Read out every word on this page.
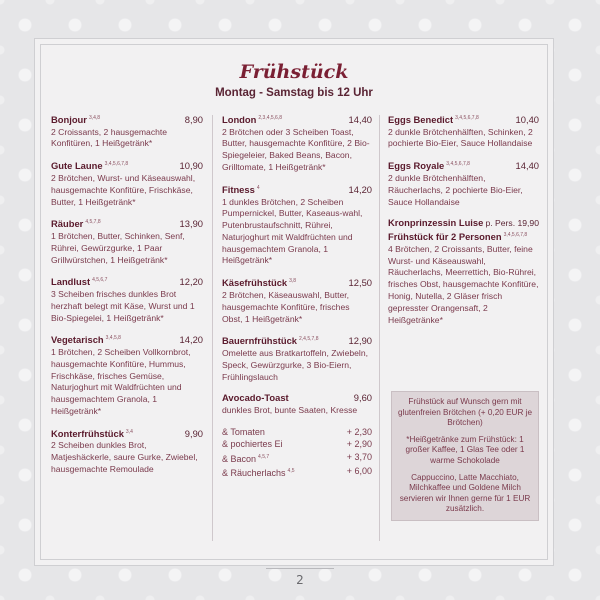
Frühstück
Montag - Samstag bis 12 Uhr
Bonjour $^{3,4,8}$	8,90
2 Croissants, 2 hausgemachte Konfitüren, 1 Heißgetränk*
Gute Laune $^{3,4,5,6,7,8}$	10,90
2 Brötchen, Wurst- und Käseauswahl, hausgemachte Konfitüre, Frischkäse, Butter, 1 Heißgetränk*
Räuber $^{4,5,7,8}$	13,90
1 Brötchen, Butter, Schinken, Senf, Rührei, Gewürzgurke, 1 Paar Grillwürstchen, 1 Heißgetränk*
Landlust $^{4,5,6,7}$	12,20
3 Scheiben frisches dunkles Brot herzhaft belegt mit Käse, Wurst und 1 Bio-Spiegelei, 1 Heißgetränk*
Vegetarisch $^{3,4,5,8}$	14,20
1 Brötchen, 2 Scheiben Vollkornbrot, hausgemachte Konfitüre, Hummus, Frischkäse, frisches Gemüse, Naturjoghurt mit Waldfrüchten und hausgemachtem Granola, 1 Heißgetränk*
Konterfrühstück $^{3,4}$	9,90
2 Scheiben dunkles Brot, Matjeshäckerle, saure Gurke, Zwiebel, hausgemachte Remoulade
London $^{2,3,4,5,6,8}$	14,40
2 Brötchen oder 3 Scheiben Toast, Butter, hausgemachte Konfitüre, 2 Bio-Spiegeleier, Baked Beans, Bacon, Grilltomate, 1 Heißgetränk*
Fitness $^4$	14,20
1 dunkles Brötchen, 2 Scheiben Pumpernickel, Butter, Kaseaus-wahl, Putenbrustaufschnitt, Rührei, Naturjoghurt mit Waldfrüchten und hausgemachtem Granola, 1 Heißgetränk*
Käsefrühstück $^{3,8}$	12,50
2 Brötchen, Käseauswahl, Butter, hausgemachte Konfitüre, frisches Obst, 1 Heißgetränk*
Bauernfrühstück $^{2,4,5,7,8}$	12,90
Omelette aus Bratkartoffeln, Zwiebeln, Speck, Gewürzgurke, 3 Bio-Eiern, Frühlingslauch
Avocado-Toast	9,60
dunkles Brot, bunte Saaten, Kresse
& Tomaten	+ 2,30
& pochiertes Ei	+ 2,90
& Bacon $^{4,5,7}$	+ 3,70
& Räucherlachs $^{4,5}$	+ 6,00
Eggs Benedict $^{3,4,5,6,7,8}$	10,40
2 dunkle Brötchenhälften, Schinken, 2 pochierte Bio-Eier, Sauce Hollandaise
Eggs Royale $^{3,4,5,6,7,8}$	14,40
2 dunkle Brötchenhälften, Räucherlachs, 2 pochierte Bio-Eier, Sauce Hollandaise
Kronprinzessin Luise p. Pers. 19,90
Frühstück für 2 Personen $^{3,4,5,6,7,8}$
4 Brötchen, 2 Croissants, Butter, feine Wurst- und Käseauswahl, Räucherlachs, Meerrettich, Bio-Rührei, frisches Obst, hausgemachte Konfitüre, Honig, Nutella, 2 Gläser frisch gepresster Orangensaft, 2 Heißgetränke*

Frühstück auf Wunsch gern mit glutenfreien Brötchen (+ 0,20 EUR je Brötchen)

*Heißgetränke zum Frühstück: 1 großer Kaffee, 1 Glas Tee oder 1 warme Schokolade

Cappuccino, Latte Macchiato, Milchkaffee und Goldene Milch servieren wir Ihnen gerne für 1 EUR zusätzlich.

2
